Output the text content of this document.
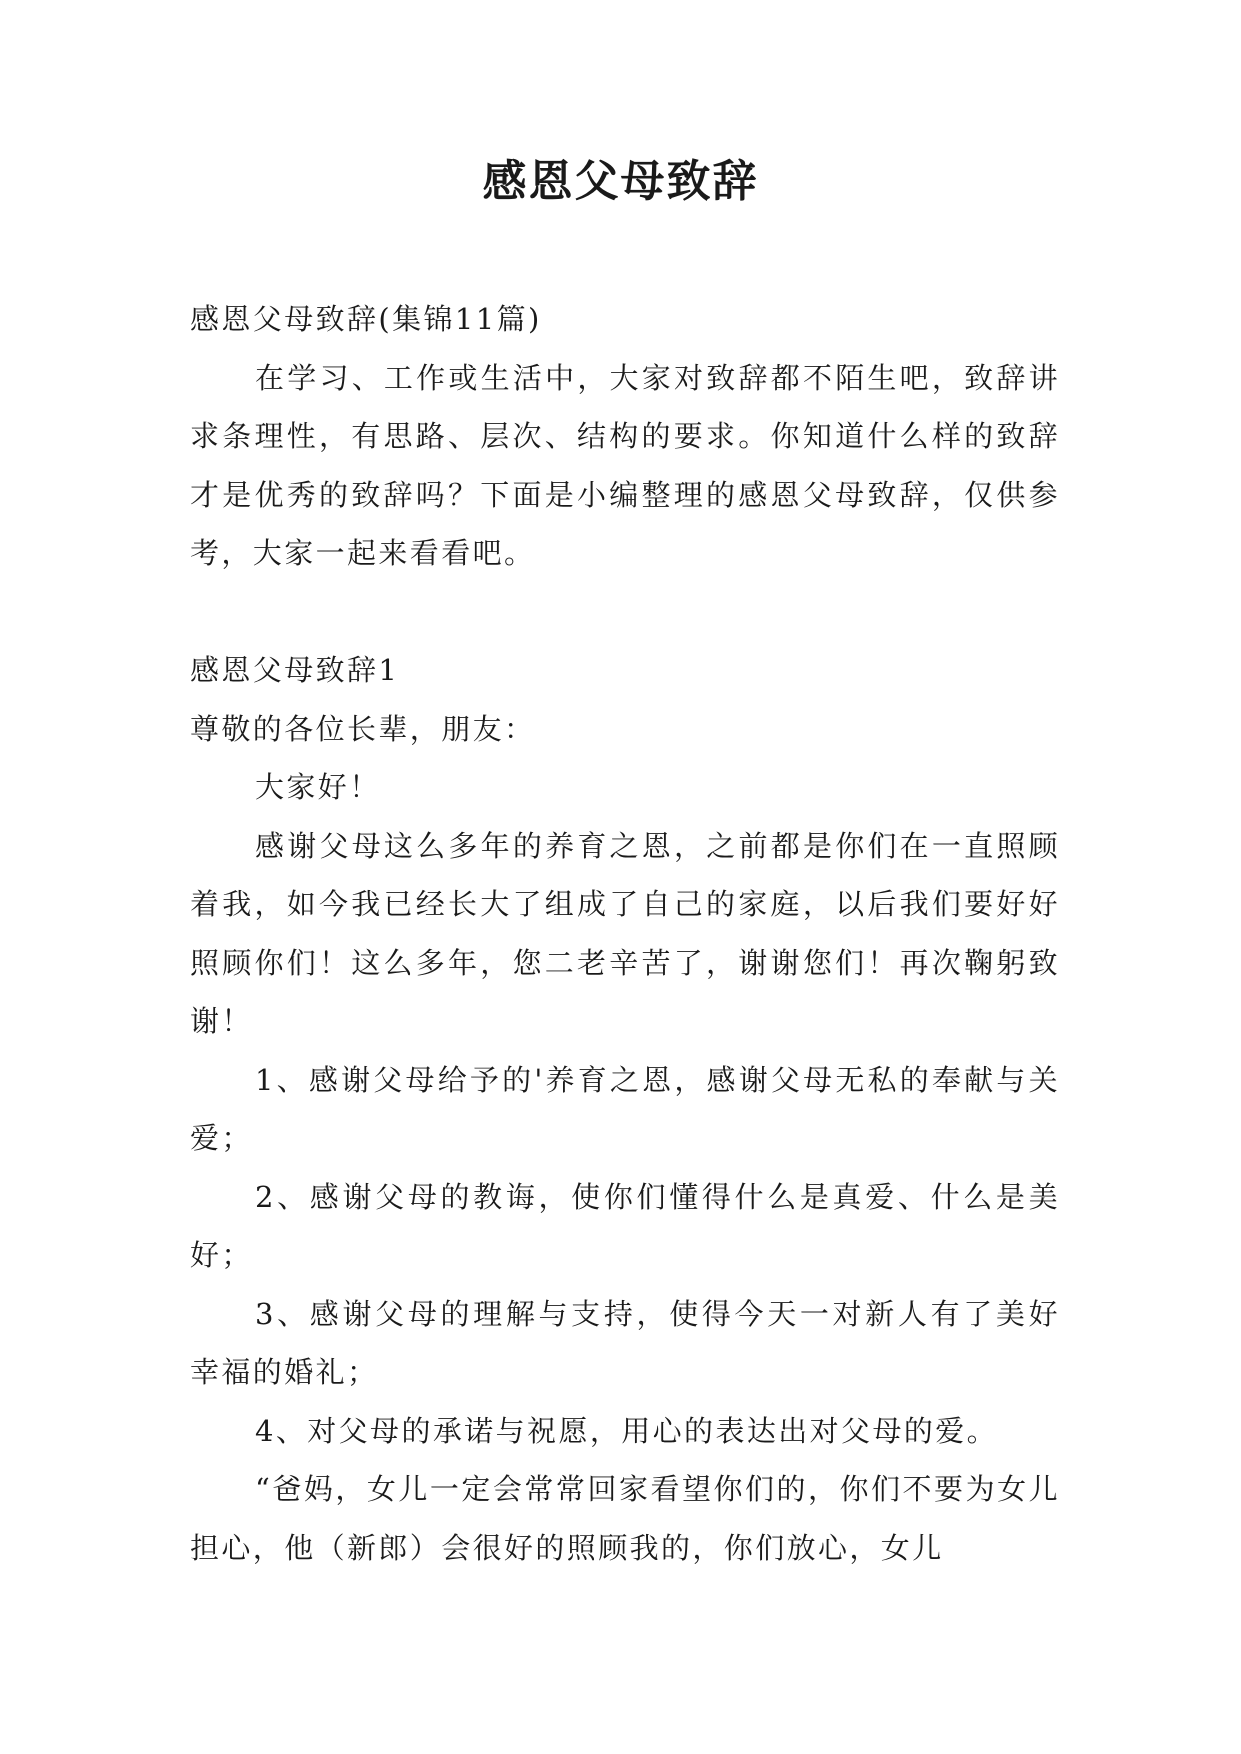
感恩父母致辞

感恩父母致辞(集锦11篇)

在学习、工作或生活中，大家对致辞都不陌生吧，致辞讲求条理性，有思路、层次、结构的要求。你知道什么样的致辞才是优秀的致辞吗？下面是小编整理的感恩父母致辞，仅供参考，大家一起来看看吧。

感恩父母致辞1

尊敬的各位长辈，朋友：

大家好！

感谢父母这么多年的养育之恩，之前都是你们在一直照顾着我，如今我已经长大了组成了自己的家庭，以后我们要好好照顾你们！这么多年，您二老辛苦了，谢谢您们！再次鞠躬致谢！

1、感谢父母给予的'养育之恩，感谢父母无私的奉献与关爱；

2、感谢父母的教诲，使你们懂得什么是真爱、什么是美好；

3、感谢父母的理解与支持，使得今天一对新人有了美好幸福的婚礼；

4、对父母的承诺与祝愿，用心的表达出对父母的爱。

“爸妈，女儿一定会常常回家看望你们的，你们不要为女儿担心，他（新郎）会很好的照顾我的，你们放心，女儿
